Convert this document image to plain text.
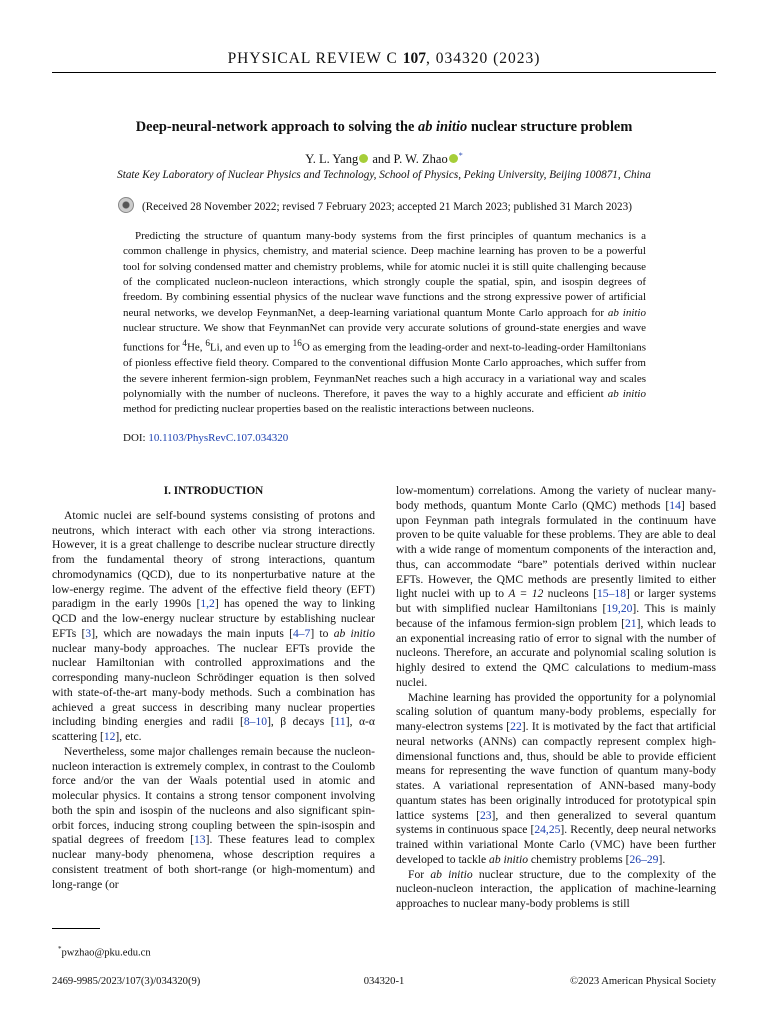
PHYSICAL REVIEW C 107, 034320 (2023)
Deep-neural-network approach to solving the ab initio nuclear structure problem
Y. L. Yang and P. W. Zhao *
State Key Laboratory of Nuclear Physics and Technology, School of Physics, Peking University, Beijing 100871, China
(Received 28 November 2022; revised 7 February 2023; accepted 21 March 2023; published 31 March 2023)
Predicting the structure of quantum many-body systems from the first principles of quantum mechanics is a common challenge in physics, chemistry, and material science. Deep machine learning has proven to be a powerful tool for solving condensed matter and chemistry problems, while for atomic nuclei it is still quite challenging because of the complicated nucleon-nucleon interactions, which strongly couple the spatial, spin, and isospin degrees of freedom. By combining essential physics of the nuclear wave functions and the strong expressive power of artificial neural networks, we develop FeynmanNet, a deep-learning variational quantum Monte Carlo approach for ab initio nuclear structure. We show that FeynmanNet can provide very accurate solutions of ground-state energies and wave functions for $^4$He, $^6$Li, and even up to $^{16}$O as emerging from the leading-order and next-to-leading-order Hamiltonians of pionless effective field theory. Compared to the conventional diffusion Monte Carlo approaches, which suffer from the severe inherent fermion-sign problem, FeynmanNet reaches such a high accuracy in a variational way and scales polynomially with the number of nucleons. Therefore, it paves the way to a highly accurate and efficient ab initio method for predicting nuclear properties based on the realistic interactions between nucleons.
DOI: 10.1103/PhysRevC.107.034320

I. INTRODUCTION

Atomic nuclei are self-bound systems consisting of protons and neutrons, which interact with each other via strong interactions. However, it is a great challenge to describe nuclear structure directly from the fundamental theory of strong interactions, quantum chromodynamics (QCD), due to its nonperturbative nature at the low-energy regime. The advent of the effective field theory (EFT) paradigm in the early 1990s [1,2] has opened the way to linking QCD and the low-energy nuclear structure by establishing nuclear EFTs [3], which are nowadays the main inputs [4–7] to ab initio nuclear many-body approaches. The nuclear EFTs provide the nuclear Hamiltonian with controlled approximations and the corresponding many-nucleon Schrödinger equation is then solved with state-of-the-art many-body methods. Such a combination has achieved a great success in describing many nuclear properties including binding energies and radii [8–10], β decays [11], α-α scattering [12], etc.

Nevertheless, some major challenges remain because the nucleon-nucleon interaction is extremely complex, in contrast to the Coulomb force and/or the van der Waals potential used in atomic and molecular physics. It contains a strong tensor component involving both the spin and isospin of the nucleons and also significant spin-orbit forces, inducing strong coupling between the spin-isospin and spatial degrees of freedom [13]. These features lead to complex nuclear many-body phenomena, whose description requires a consistent treatment of both short-range (or high-momentum) and long-range (or

low-momentum) correlations. Among the variety of nuclear many-body methods, quantum Monte Carlo (QMC) methods [14] based upon Feynman path integrals formulated in the continuum have proven to be quite valuable for these problems. They are able to deal with a wide range of momentum components of the interaction and, thus, can accommodate “bare” potentials derived within nuclear EFTs. However, the QMC methods are presently limited to either light nuclei with up to A = 12 nucleons [15–18] or larger systems but with simplified nuclear Hamiltonians [19,20]. This is mainly because of the infamous fermion-sign problem [21], which leads to an exponential increasing ratio of error to signal with the number of nucleons. Therefore, an accurate and polynomial scaling solution is highly desired to extend the QMC calculations to medium-mass nuclei.

Machine learning has provided the opportunity for a polynomial scaling solution of quantum many-body problems, especially for many-electron systems [22]. It is motivated by the fact that artificial neural networks (ANNs) can compactly represent complex high-dimensional functions and, thus, should be able to provide efficient means for representing the wave function of quantum many-body states. A variational representation of ANN-based many-body quantum states has been originally introduced for prototypical spin lattice systems [23], and then generalized to several quantum systems in continuous space [24,25]. Recently, deep neural networks trained within variational Monte Carlo (VMC) have been further developed to tackle ab initio chemistry problems [26–29].

For ab initio nuclear structure, due to the complexity of the nucleon-nucleon interaction, the application of machine-learning approaches to nuclear many-body problems is still

*pwzhao@pku.edu.cn
2469-9985/2023/107(3)/034320(9)	034320-1	©2023 American Physical Society
